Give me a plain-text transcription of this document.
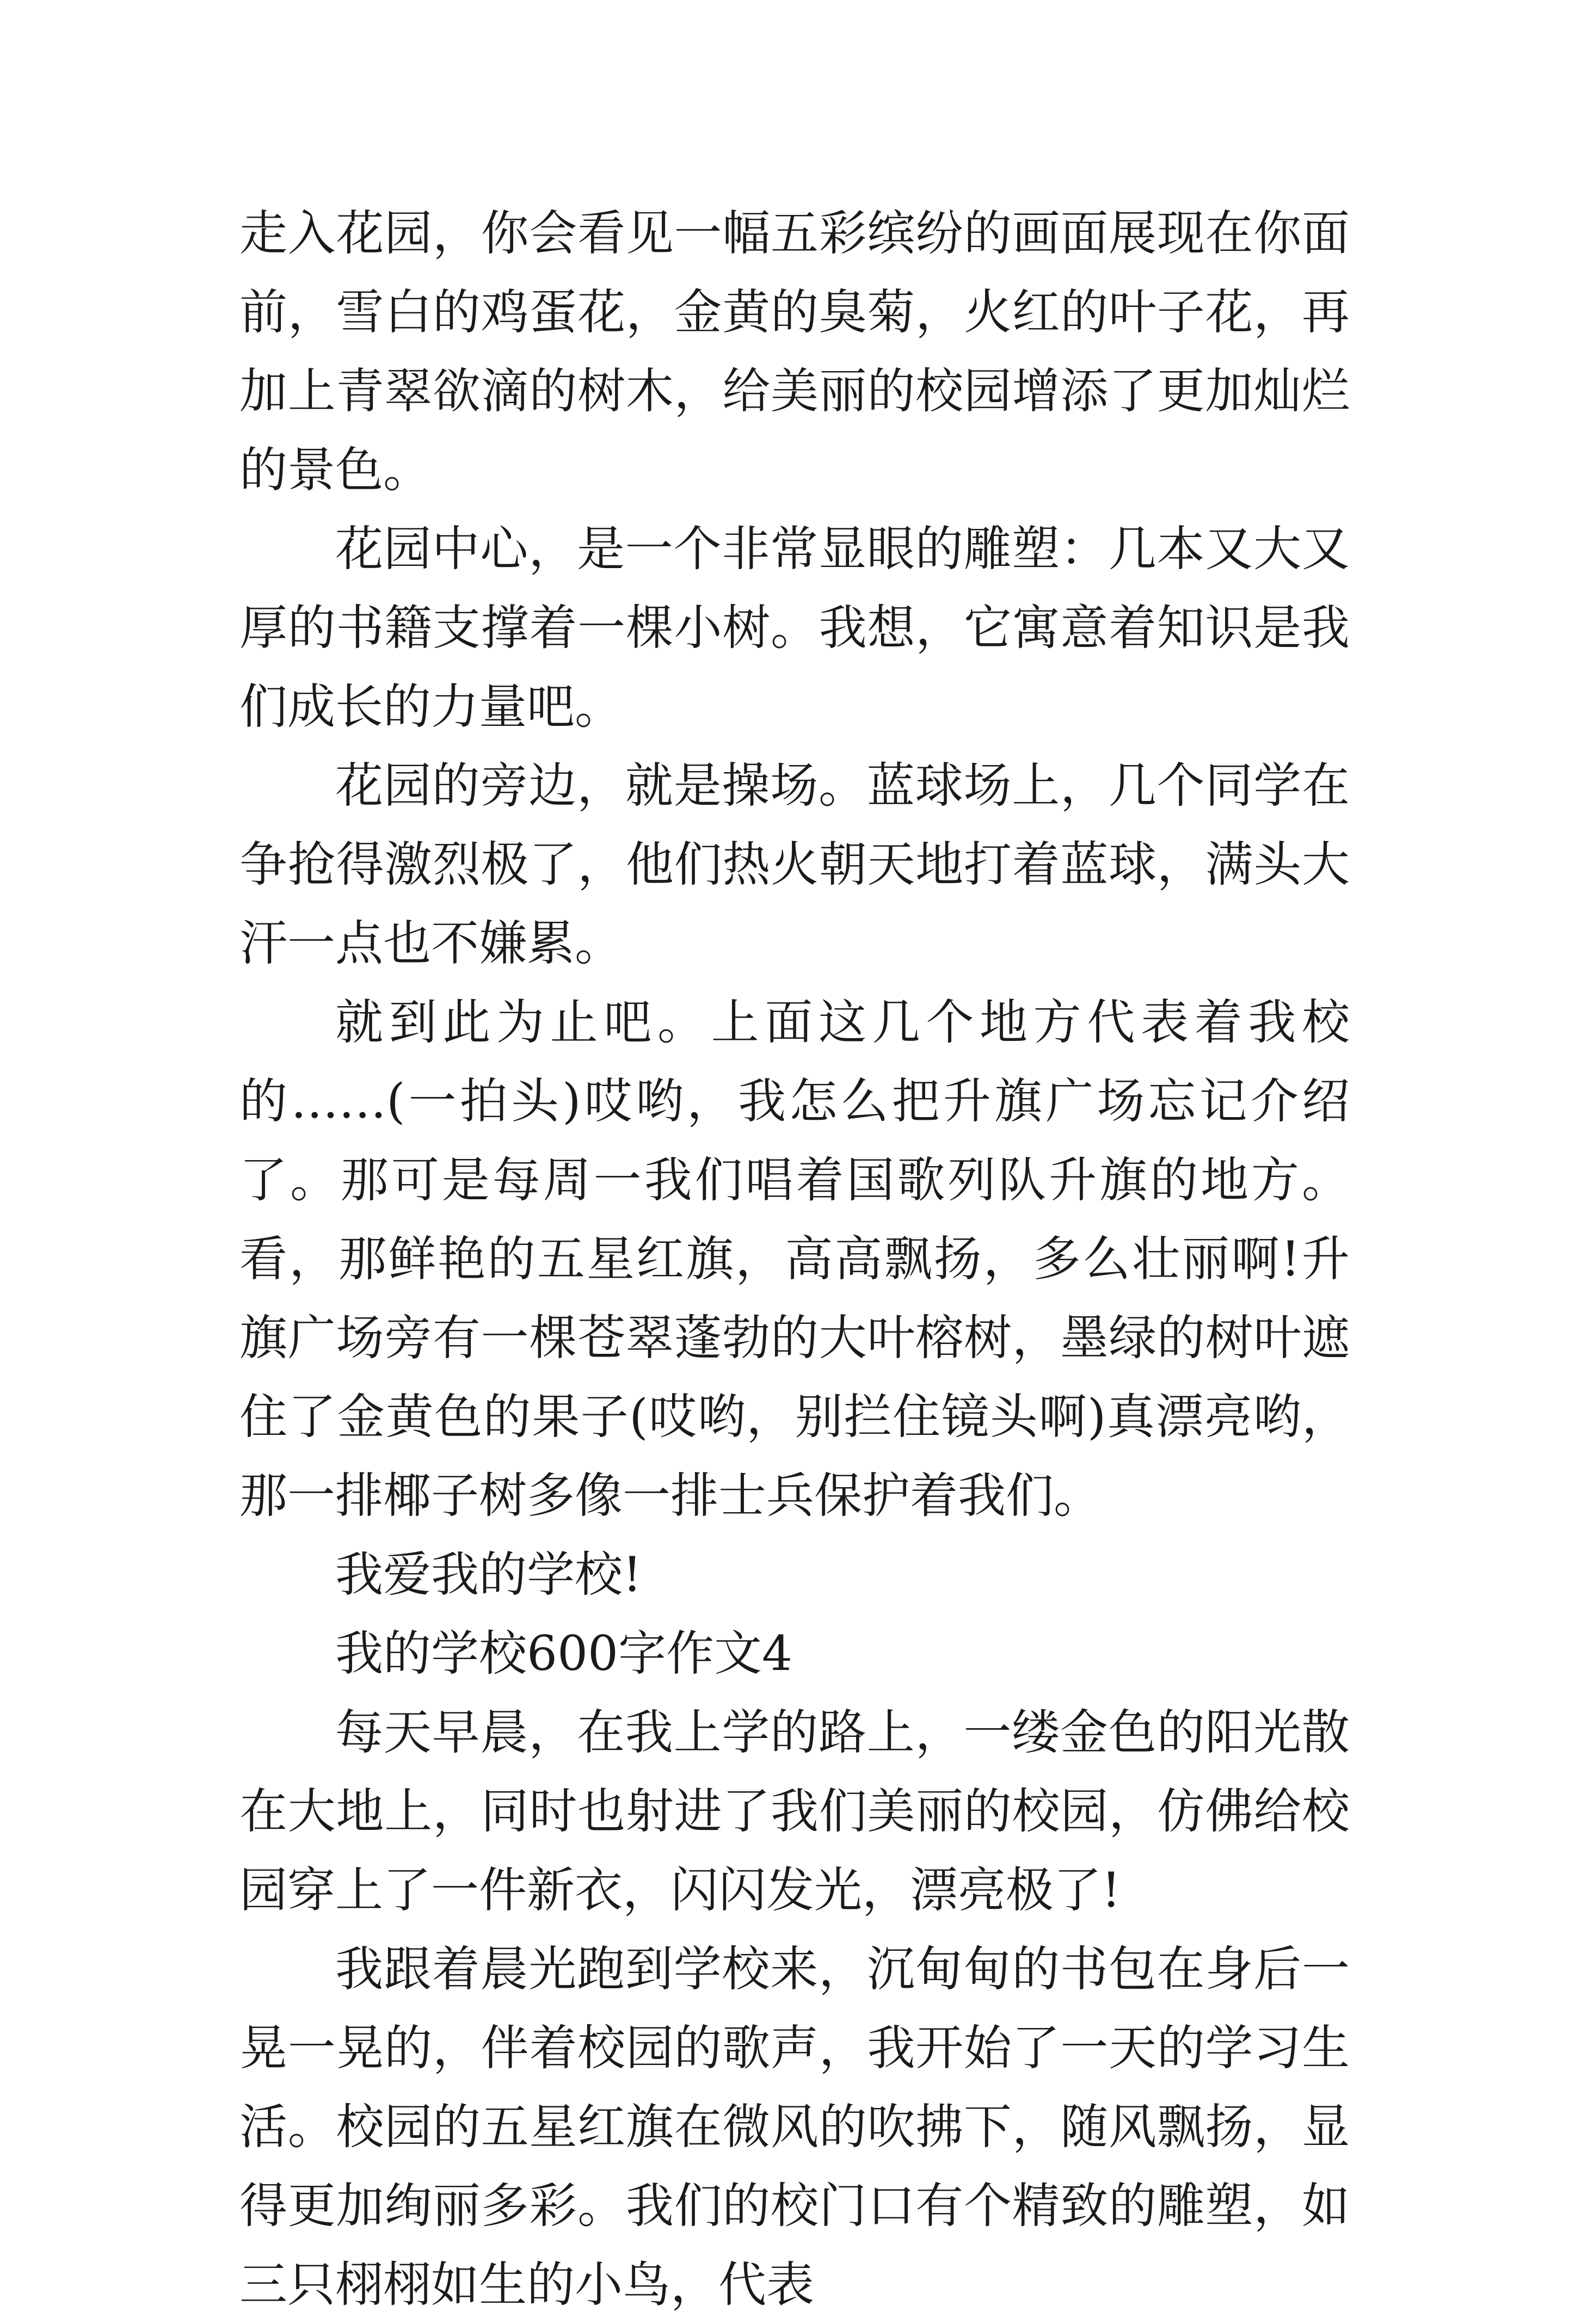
走入花园，你会看见一幅五彩缤纷的画面展现在你面前，雪白的鸡蛋花，金黄的臭菊，火红的叶子花，再加上青翠欲滴的树木，给美丽的校园增添了更加灿烂的景色。

花园中心，是一个非常显眼的雕塑：几本又大又厚的书籍支撑着一棵小树。我想，它寓意着知识是我们成长的力量吧。

花园的旁边，就是操场。蓝球场上，几个同学在争抢得激烈极了，他们热火朝天地打着蓝球，满头大汗一点也不嫌累。

就到此为止吧。上面这几个地方代表着我校的……(一拍头)哎哟，我怎么把升旗广场忘记介绍了。那可是每周一我们唱着国歌列队升旗的地方。看，那鲜艳的五星红旗，高高飘扬，多么壮丽啊!升旗广场旁有一棵苍翠蓬勃的大叶榕树，墨绿的树叶遮住了金黄色的果子(哎哟，别拦住镜头啊)真漂亮哟，那一排椰子树多像一排士兵保护着我们。

我爱我的学校!

我的学校600字作文4

每天早晨，在我上学的路上，一缕金色的阳光散在大地上，同时也射进了我们美丽的校园，仿佛给校园穿上了一件新衣，闪闪发光，漂亮极了!

我跟着晨光跑到学校来，沉甸甸的书包在身后一晃一晃的，伴着校园的歌声，我开始了一天的学习生活。校园的五星红旗在微风的吹拂下，随风飘扬，显得更加绚丽多彩。我们的校门口有个精致的雕塑，如三只栩栩如生的小鸟，代表
